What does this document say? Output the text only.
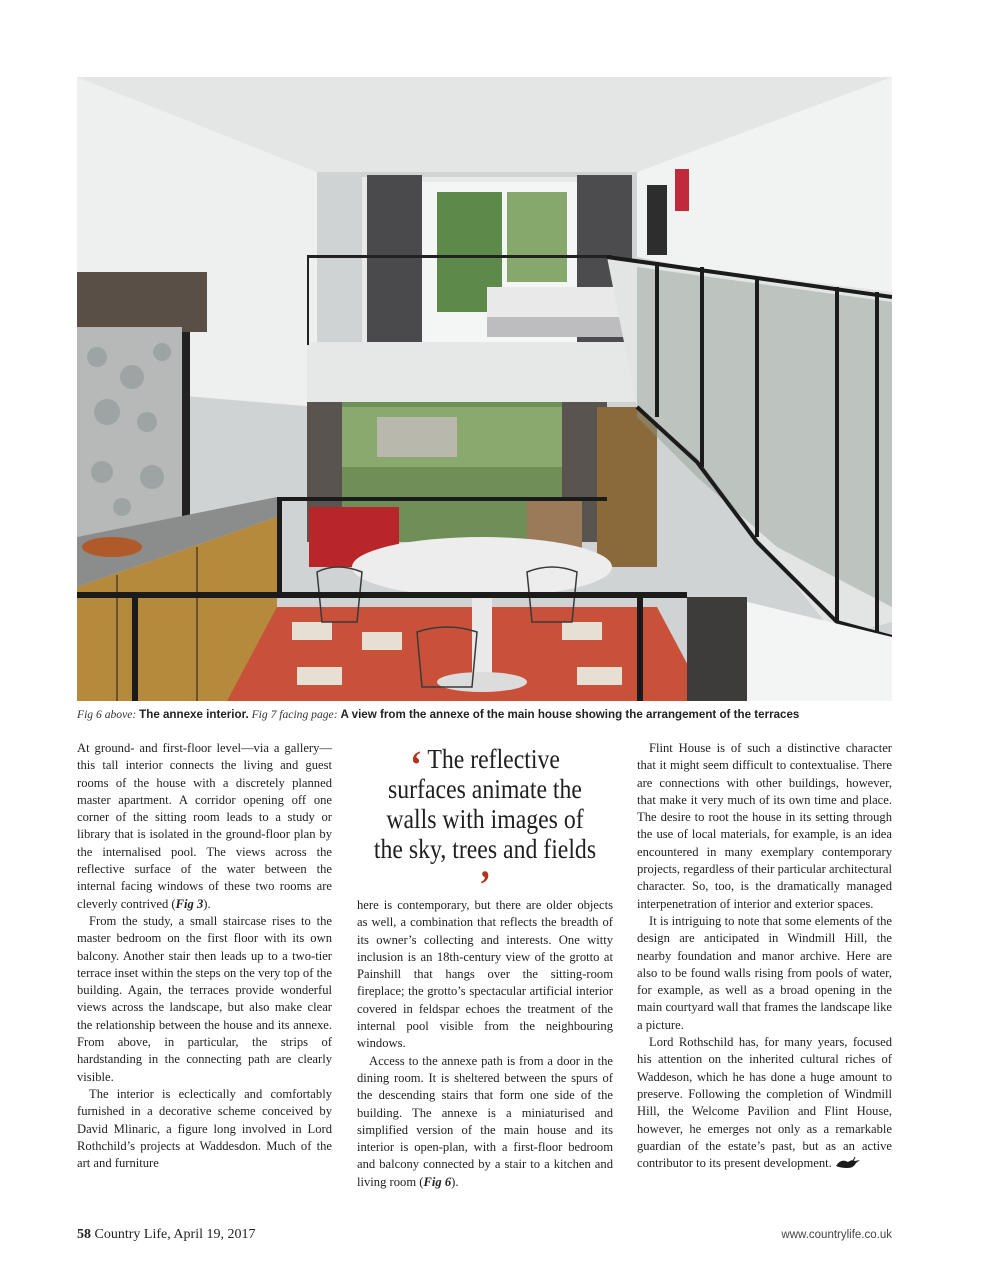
Fig 6 above: The annexe interior. Fig 7 facing page: A view from the annexe of the main house showing the arrangement of the terraces

At ground- and first-floor level—via a gallery—this tall interior connects the living and guest rooms of the house with a discretely planned master apartment. A corridor opening off one corner of the sitting room leads to a study or library that is isolated in the ground-floor plan by the internalised pool. The views across the reflective surface of the water between the internal facing windows of these two rooms are cleverly contrived (Fig 3).

From the study, a small staircase rises to the master bedroom on the first floor with its own balcony. Another stair then leads up to a two-tier terrace inset within the steps on the very top of the building. Again, the terraces provide wonderful views across the landscape, but also make clear the relationship between the house and its annexe. From above, in particular, the strips of hardstanding in the connecting path are clearly visible.

The interior is eclectically and comfortably furnished in a decorative scheme conceived by David Mlinaric, a figure long involved in Lord Rothchild’s projects at Waddesdon. Much of the art and furniture

‘ The reflective surfaces animate the walls with images of the sky, trees and fields ’

here is contemporary, but there are older objects as well, a combination that reflects the breadth of its owner’s collecting and interests. One witty inclusion is an 18th-century view of the grotto at Painshill that hangs over the sitting-room fireplace; the grotto’s spectacular artificial interior covered in feldspar echoes the treatment of the internal pool visible from the neighbouring windows.

Access to the annexe path is from a door in the dining room. It is sheltered between the spurs of the descending stairs that form one side of the building. The annexe is a miniaturised and simplified version of the main house and its interior is open-plan, with a first-floor bedroom and balcony connected by a stair to a kitchen and living room (Fig 6).

Flint House is of such a distinctive character that it might seem difficult to contextualise. There are connections with other buildings, however, that make it very much of its own time and place. The desire to root the house in its setting through the use of local materials, for example, is an idea encountered in many exemplary contemporary projects, regardless of their particular architectural character. So, too, is the dramatically managed interpenetration of interior and exterior spaces.

It is intriguing to note that some elements of the design are anticipated in Windmill Hill, the nearby foundation and manor archive. Here are also to be found walls rising from pools of water, for example, as well as a broad opening in the main courtyard wall that frames the landscape like a picture.

Lord Rothschild has, for many years, focused his attention on the inherited cultural riches of Waddeson, which he has done a huge amount to preserve. Following the completion of Windmill Hill, the Welcome Pavilion and Flint House, however, he emerges not only as a remarkable guardian of the estate’s past, but as an active contributor to its present development.

58 Country Life, April 19, 2017	www.countrylife.co.uk
